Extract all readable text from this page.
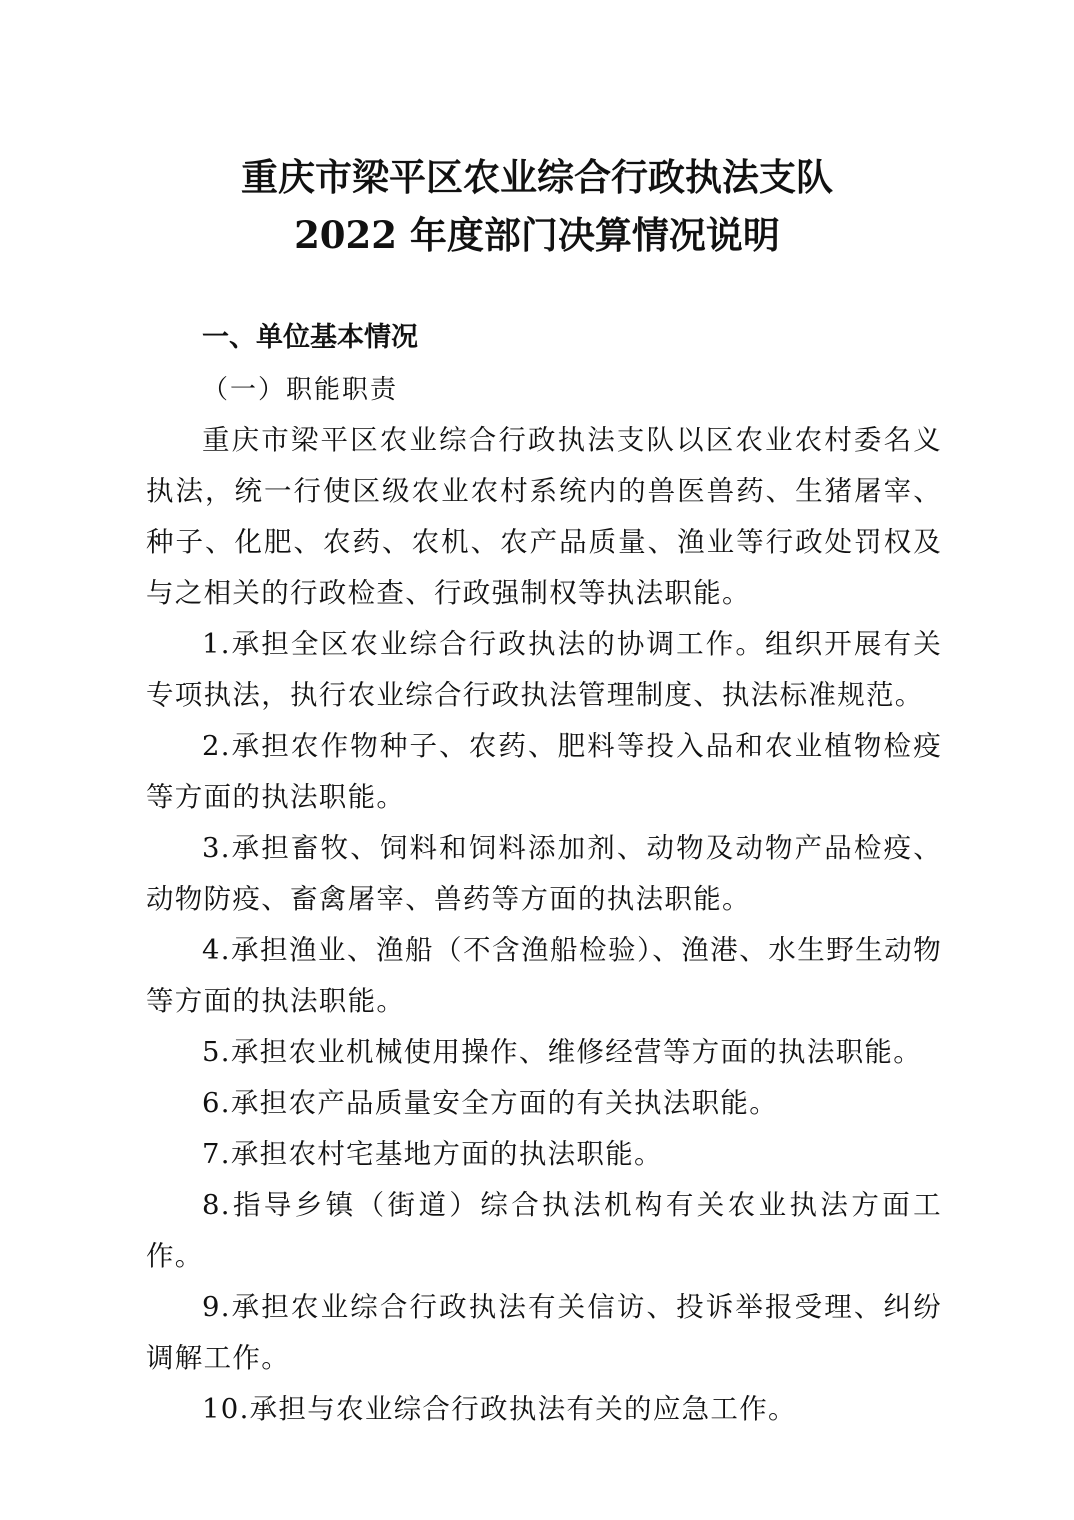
重庆市梁平区农业综合行政执法支队
2022 年度部门决算情况说明

一、单位基本情况

（一）职能职责

重庆市梁平区农业综合行政执法支队以区农业农村委名义执法，统一行使区级农业农村系统内的兽医兽药、生猪屠宰、种子、化肥、农药、农机、农产品质量、渔业等行政处罚权及与之相关的行政检查、行政强制权等执法职能。

1.承担全区农业综合行政执法的协调工作。组织开展有关专项执法，执行农业综合行政执法管理制度、执法标准规范。

2.承担农作物种子、农药、肥料等投入品和农业植物检疫等方面的执法职能。

3.承担畜牧、饲料和饲料添加剂、动物及动物产品检疫、动物防疫、畜禽屠宰、兽药等方面的执法职能。

4.承担渔业、渔船（不含渔船检验）、渔港、水生野生动物等方面的执法职能。

5.承担农业机械使用操作、维修经营等方面的执法职能。

6.承担农产品质量安全方面的有关执法职能。

7.承担农村宅基地方面的执法职能。

8.指导乡镇（街道）综合执法机构有关农业执法方面工作。

9.承担农业综合行政执法有关信访、投诉举报受理、纠纷调解工作。

10.承担与农业综合行政执法有关的应急工作。
